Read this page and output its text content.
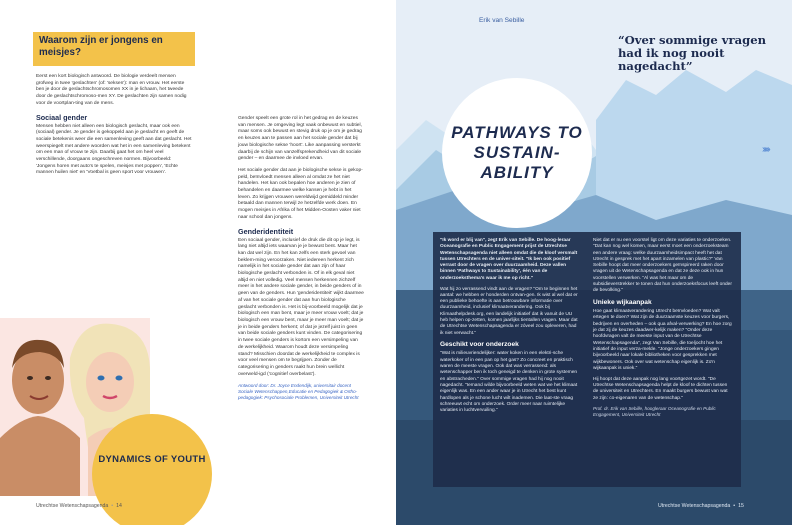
Waarom zijn er jongens en meisjes?

Eerst een kort biologisch antwoord. De biologie verdeelt mensen grofweg in twee 'geslachten' (of: 'seksen'): man en vrouw. Het eerste ben je door de geslachtschromosomen XX in je lichaam, het tweede door de geslachtschromoso-men XY. De geslachten zijn samen nodig voor de voortplan-ting van de mens.

Sociaal gender

Mensen hebben niet alleen een biologisch geslacht, maar ook een (sociaal) gender. Je gender is gekoppeld aan je geslacht en geeft de sociale betekenis weer die een samenleving geeft aan dat geslacht. Het weerspiegelt met andere woorden wat het in een samenleving betekent om een man of vrouw te zijn. Daarbij gaat het om heel veel verschillende, doorgaans ongeschreven normen. Bijvoorbeeld: 'Jongens horen met auto's te spelen, meisjes met poppen', 'Echte mannen huilen niet' en 'Voetbal is geen sport voor vrouwen'.

Gender speelt een grote rol in het gedrag en de keuzes van mensen. Je omgeving legt vaak onbewust en subtiel, maar soms ook bewust en stevig druk op je om je gedrag en keuzes aan te passen aan het sociale gender dat bij jouw biologische sekse 'hoort'. Like aanpassing versterkt daarbij de schijn van vanzelfsprekendheid van dit sociale gender – en daarmee de invloed ervan.

Het sociale gender dat aan je biologische sekse is gekop-peld, beïnvloedt mensen alleen al omdat ze het niet handelen. Het kan ook bepalen hoe anderen je zien of behandelen en daarmee welke kansen je hebt in het leven. Zo krijgen vrouwen wereldwijd gemiddeld minder betaald dan mannen terwijl ze hetzelfde werk doen. En mogen meisjes in Afrika of het Midden-Oosten vaker niet naar school dan jongens.

Genderidentiteit

Een sociaal gender, inclusief de druk die dit op je legt, is lang niet altijd iets waarvan je je bewust bent. Maar het kan dat wel zijn. En het kan zelfs een sterk gevoel van beklem-ming veroorzaken. Niet iedereen herkent zich namelijk in het sociale gender dat aan zijn of haar biologische geslacht verbonden is. Of in elk geval niet altijd en niet volledig. Veel mensen herkennen zichzelf meer in het andere sociale gender, in beide genders of in geen van de genders. Hun 'genderidentiteit' wijkt daarmee af van het sociale gender dat aan hun biologische geslacht verbonden is. Het is bij-voorbeeld mogelijk dat je biologisch een man bent, maar je meer vrouw voelt; dat je biologisch een vrouw bent, maar je meer man voelt; dat je je in beide genders herkent; of dat je jezelf juist in geen van beide sociale genders kunt vinden. De categorisering in twee sociale genders is kortom een versimpeling van de werkelijkheid. Waarom houdt deze versimpeling stand? Misschien doordat de werkelijkheid te complex is voor veel mensen om te begrijpen. Zonder de categorisering in genders raakt hun brein wellicht overweld-igd ('cognitief overbelast').

Antwoord door: Dr. Joyce Endendijk, universitair docent Sociale Wetenschappen,Educatie en Pedagogiek & Ortho-pedagogiek: Psychosociale Problemen, Universiteit Utrecht

DYNAMICS OF YOUTH
Utrechtse Wetenschapsagenda • 14
Erik van Sebille
PATHWAYS TO SUSTAIN-ABILITY
“Over sommige vragen had ik nog nooit nagedacht”
›››››

"Ik word er blij van", zegt Erik van Sebille. De hoog-leraar Oceanografie en Public Engagement prijst de Utrechtse Wetenschapsagenda niet alleen omdat die de kloof versmalt tussen Utrechters en de univer-siteit. "Ik ben ook positief verrast door de vragen over duurzaamheid. Deze vallen binnen 'Pathways to Sustainability', één van de onderzoeksthema's waar ik me op richt."

Wat hij zo verrassend vindt aan de vragen? "Om te beginnen het aantal: we hebben er honderden ontvan-gen. Ik wist al wel dat er een publieke behoefte is aan betrouwbare informatie over duurzaamheid, inclusief klimaatverandering. Ook bij Klimaathelpdesk.org, een landelijk initiatief dat ik vanuit de UU heb helpen op-zetten, komen jaarlijks tientallen vragen. Maar dat de Utrechtse Wetenschapsagenda er zóveel zou opleveren, had ik niet verwacht."

Geschikt voor onderzoek

"Wat is milieuvriendelijker: water koken in een elektri-sche waterkoker of in een pan op het gas? Zo concreet en praktisch waren de meeste vragen. Ook dat was verrassend: als wetenschapper ben ik toch geneigd te denken in grote systemen en abstracheden." Over sommige vragen had hij nog nooit nagedacht. "Iemand wilde bijvoorbeeld weten wat we het klimaat eigenlijk was. En een ander waar je in Utrecht het best kunt hardlopen als je schone lucht wilt inademen. Die laat-ste vraag schreeuwt echt om onderzoek. Order meer naar ruimtelijke variaties in luchtvervuiling."

Niet dat er nu een voorstel ligt om deze variaties te onderzoeken. "Dat kan nog wel komen, maar eerst moet een onderzoeksteam een andere vraag: welke duurzaamheidsimpact heeft het dat Utrecht in gesprek met het apart inzamelen van plastic?" Van Sebille hoopt dat meer onderzoekers geïnspireerd raken door vragen uit de Wetenschapsagenda en dat ze deze ook in hun voorstellen verwerken. "Al was het maar om de subsidieverstrekker te tonen dat hun onderzoeksfocus leeft onder de bevolking."

Unieke wijkaanpak

Hoe gaat klimaatverandering Utrecht beïnvloeden? Wat valt ertegen te doen? Wat zijn de duurzaamste keuzes voor burgers, bedrijven en overheden – ook qua afval-verwerking? En hoe zorg je dat zij de keuzes daadwer-kelijk maken? "Onder deze hoofdvragen valt de meeste input van de Utrechtse Wetenschapsagenda", zegt Van Sebille, die toeljocht hoe het initiatief de input verza-melde. "Jonge onderzoekers gingen bijvoorbeeld naar lokale bibliotheken voor gesprekken met wijkbewoners. Ook over wat wetenschap eigenlijk is. Zo'n wijkaanpak is uniek."

Hij hoopt dat deze aanpak nog lang voortgezet wordt. "De Utrechtse Wetenschapsagenda helpt de kloof te dichten tussen de universiteit en Utrechters. En maakt burgers bewust van wat ze zijn: co-eigenaren van de wetenschap."

Prof. dr. Erik van Sebille, hoogleraar Oceanografie en Public Engagement, Universiteit Utrecht

Utrechtse Wetenschapsagenda • 15
